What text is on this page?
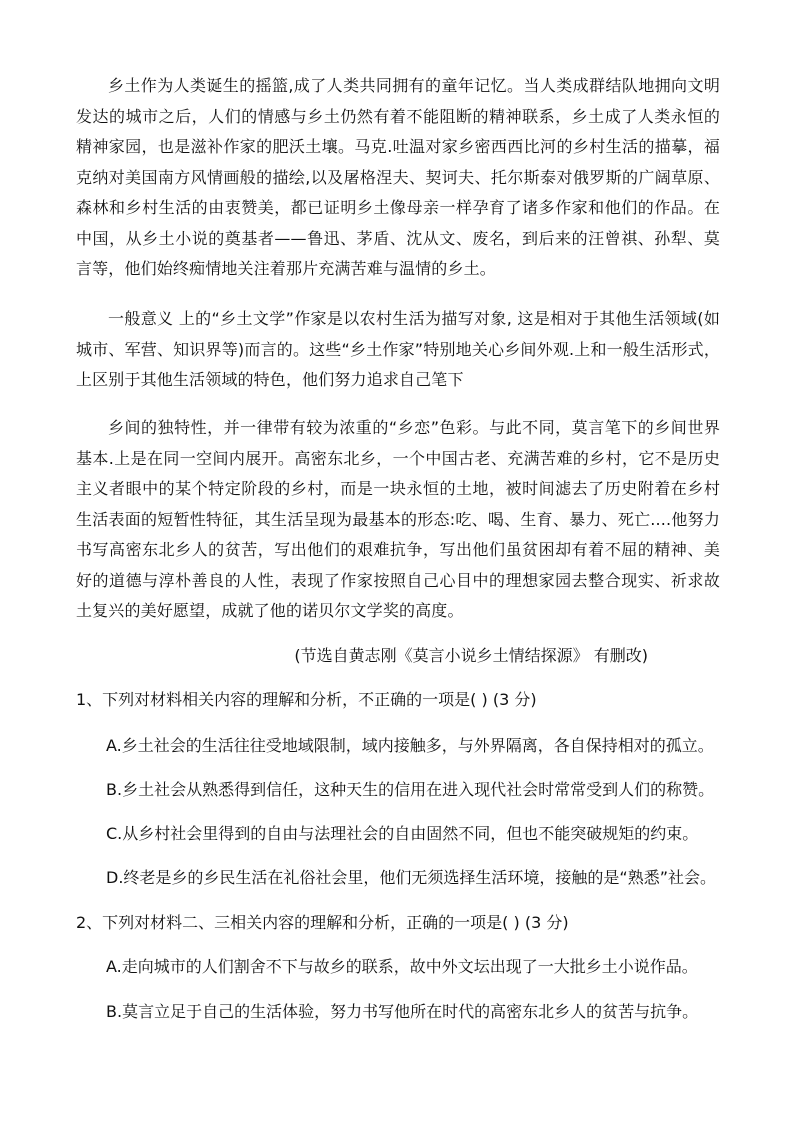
乡土作为人类诞生的摇篮,成了人类共同拥有的童年记忆。当人类成群结队地拥向文明发达的城市之后，人们的情感与乡土仍然有着不能阻断的精神联系，乡土成了人类永恒的精神家园，也是滋补作家的肥沃土壤。马克.吐温对家乡密西西比河的乡村生活的描摹，福克纳对美国南方风情画般的描绘,以及屠格涅夫、契诃夫、托尔斯泰对俄罗斯的广阔草原、森林和乡村生活的由衷赞美，都已证明乡土像母亲一样孕育了诸多作家和他们的作品。在中国，从乡土小说的奠基者——鲁迅、茅盾、沈从文、废名，到后来的汪曾祺、孙犁、莫言等，他们始终痴情地关注着那片充满苦难与温情的乡土。

一般意义 上的“乡土文学”作家是以农村生活为描写对象, 这是相对于其他生活领域(如城市、军营、知识界等)而言的。这些“乡土作家”特别地关心乡间外观.上和一般生活形式，上区别于其他生活领域的特色，他们努力追求自己笔下

乡间的独特性，并一律带有较为浓重的“乡恋”色彩。与此不同，莫言笔下的乡间世界基本.上是在同一空间内展开。高密东北乡，一个中国古老、充满苦难的乡村，它不是历史主义者眼中的某个特定阶段的乡村，而是一块永恒的土地，被时间滤去了历史附着在乡村生活表面的短暂性特征，其生活呈现为最基本的形态:吃、喝、生育、暴力、死亡....他努力书写高密东北乡人的贫苦，写出他们的艰难抗争，写出他们虽贫困却有着不屈的精神、美好的道德与淳朴善良的人性，表现了作家按照自己心目中的理想家园去整合现实、祈求故土复兴的美好愿望，成就了他的诺贝尔文学奖的高度。

(节选自黄志刚《莫言小说乡土情结探源》 有删改)

1、下列对材料相关内容的理解和分析，不正确的一项是( ) (3 分)

A.乡土社会的生活往往受地域限制，域内接触多，与外界隔离，各自保持相对的孤立。

B.乡土社会从熟悉得到信任，这种天生的信用在进入现代社会时常常受到人们的称赞。

C.从乡村社会里得到的自由与法理社会的自由固然不同，但也不能突破规矩的约束。

D.终老是乡的乡民生活在礼俗社会里，他们无须选择生活环境，接触的是“熟悉”社会。

2、下列对材料二、三相关内容的理解和分析，正确的一项是( ) (3 分)

A.走向城市的人们割舍不下与故乡的联系，故中外文坛出现了一大批乡土小说作品。

B.莫言立足于自己的生活体验，努力书写他所在时代的高密东北乡人的贫苦与抗争。
